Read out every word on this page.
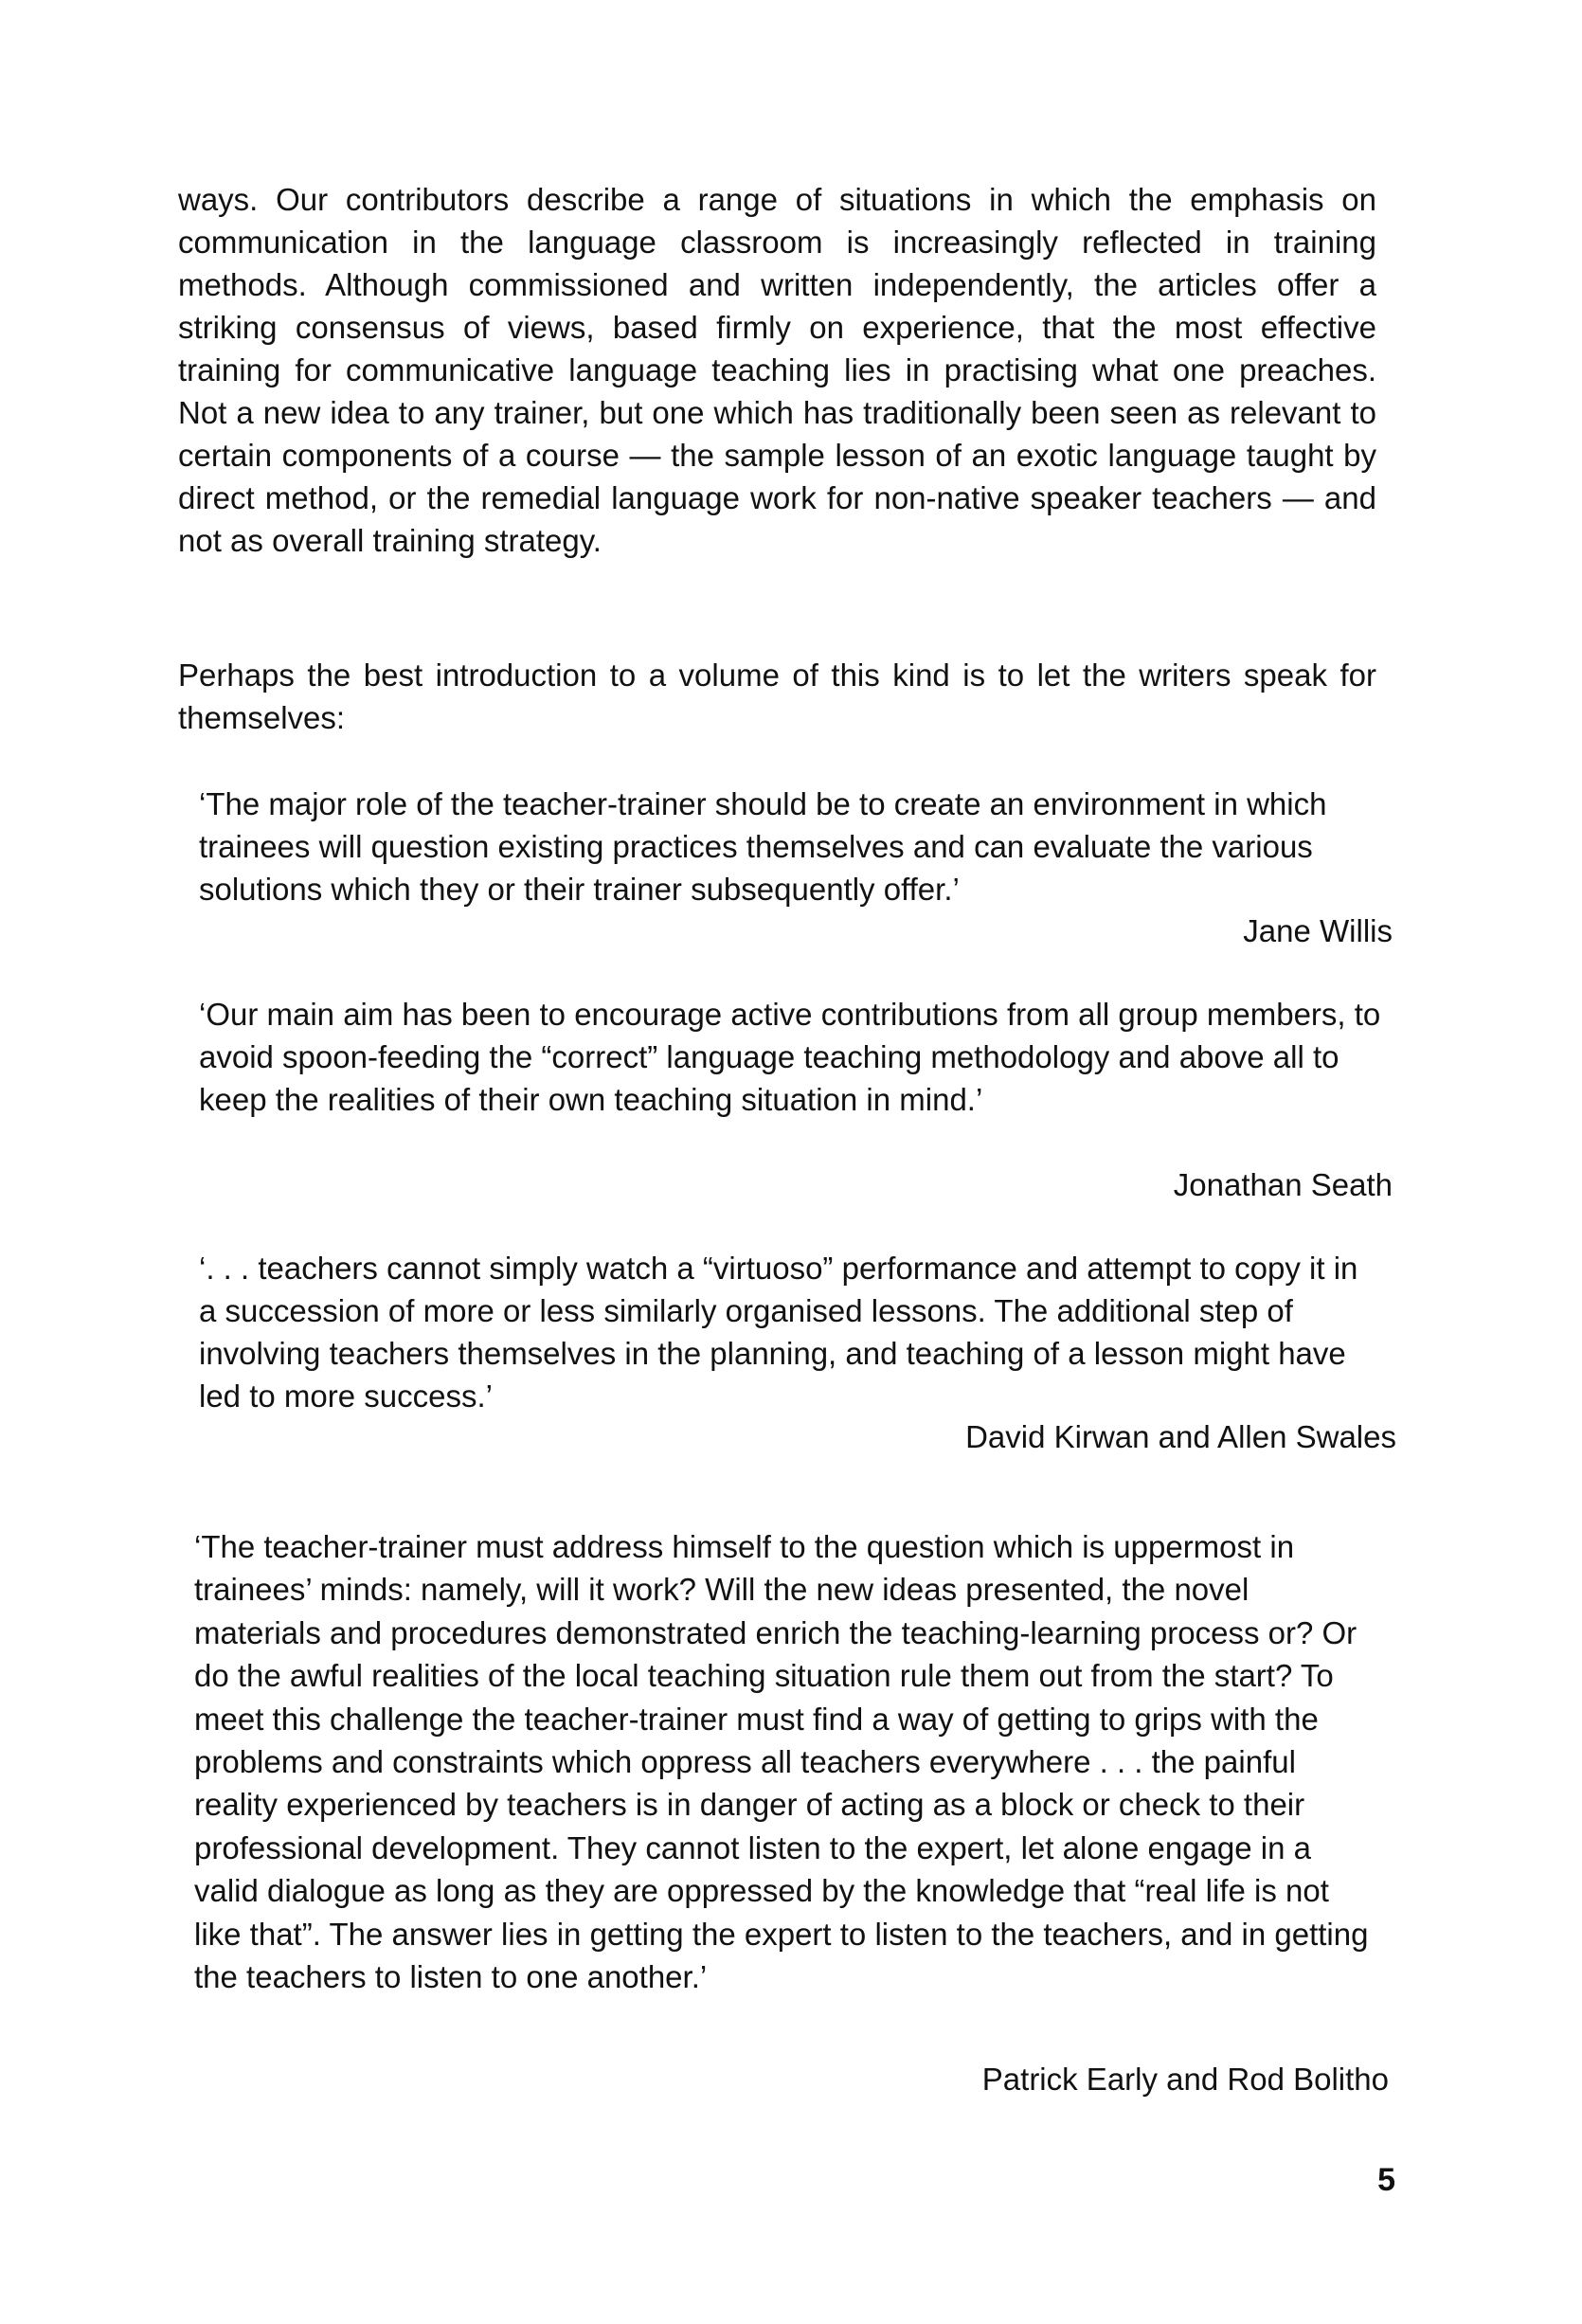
ways. Our contributors describe a range of situations in which the emphasis on communication in the language classroom is increasingly reflected in training methods. Although commissioned and written independently, the articles offer a striking consensus of views, based firmly on experience, that the most effective training for communicative language teaching lies in practising what one preaches. Not a new idea to any trainer, but one which has traditionally been seen as relevant to certain components of a course — the sample lesson of an exotic language taught by direct method, or the remedial language work for non-native speaker teachers — and not as overall training strategy.

Perhaps the best introduction to a volume of this kind is to let the writers speak for themselves:

‘The major role of the teacher-trainer should be to create an environment in which trainees will question existing practices themselves and can evaluate the various solutions which they or their trainer subsequently offer.’

Jane Willis

‘Our main aim has been to encourage active contributions from all group members, to avoid spoon-feeding the “correct” language teaching methodology and above all to keep the realities of their own teaching situation in mind.’

Jonathan Seath

‘. . . teachers cannot simply watch a “virtuoso” performance and attempt to copy it in a succession of more or less similarly organised lessons. The additional step of involving teachers themselves in the planning, and teaching of a lesson might have led to more success.’

David Kirwan and Allen Swales

‘The teacher-trainer must address himself to the question which is uppermost in trainees’ minds: namely, will it work? Will the new ideas presented, the novel materials and procedures demonstrated enrich the teaching-learning process or? Or do the awful realities of the local teaching situation rule them out from the start? To meet this challenge the teacher-trainer must find a way of getting to grips with the problems and constraints which oppress all teachers everywhere . . . the painful reality experienced by teachers is in danger of acting as a block or check to their professional development. They cannot listen to the expert, let alone engage in a valid dialogue as long as they are oppressed by the knowledge that “real life is not like that”. The answer lies in getting the expert to listen to the teachers, and in getting the teachers to listen to one another.’

Patrick Early and Rod Bolitho
5
